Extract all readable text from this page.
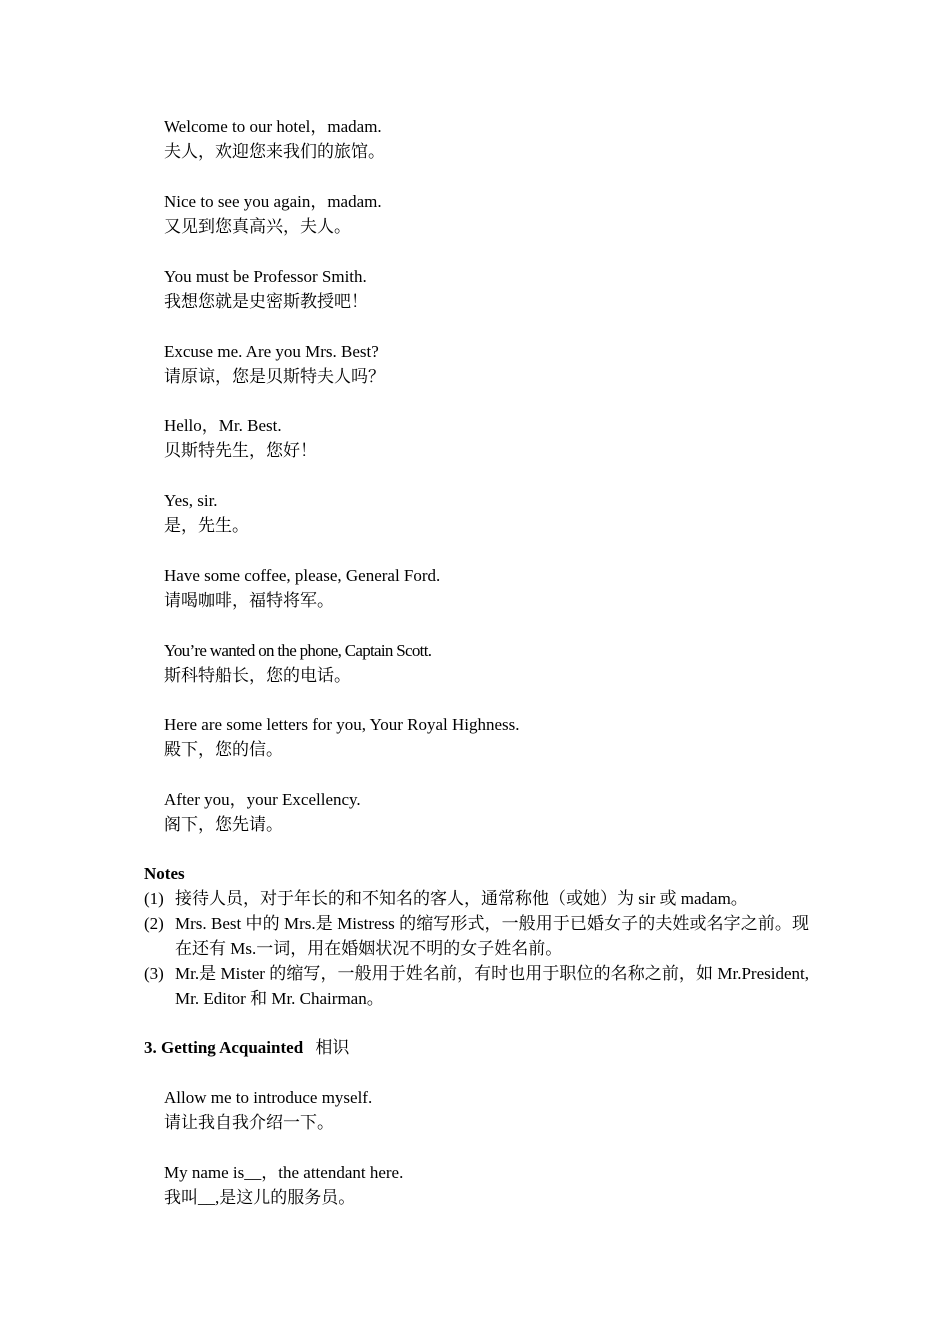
Welcome to our hotel，madam.
夫人，欢迎您来我们的旅馆。
Nice to see you again，madam.
又见到您真高兴，夫人。
You must be Professor Smith.
我想您就是史密斯教授吧！
Excuse me. Are you Mrs. Best?
请原谅，您是贝斯特夫人吗？
Hello，Mr. Best.
贝斯特先生，您好！
Yes, sir.
是，先生。
Have some coffee, please, General Ford.
请喝咖啡，福特将军。
You’re wanted on the phone, Captain Scott.
斯科特船长，您的电话。
Here are some letters for you, Your Royal Highness.
殿下，您的信。
After you，your Excellency.
阁下，您先请。
Notes
(1) 接待人员，对于年长的和不知名的客人，通常称他（或她）为 sir 或 madam。
(2) Mrs. Best 中的 Mrs.是 Mistress 的缩写形式，一般用于已婚女子的夫姓或名字之前。现在还有 Ms.一词，用在婚姻状况不明的女子姓名前。
(3) Mr.是 Mister 的缩写，一般用于姓名前，有时也用于职位的名称之前，如 Mr.President, Mr. Editor 和 Mr. Chairman。
3. Getting Acquainted 相识
Allow me to introduce myself.
请让我自我介绍一下。
My name is__，the attendant here.
我叫__,是这儿的服务员。
